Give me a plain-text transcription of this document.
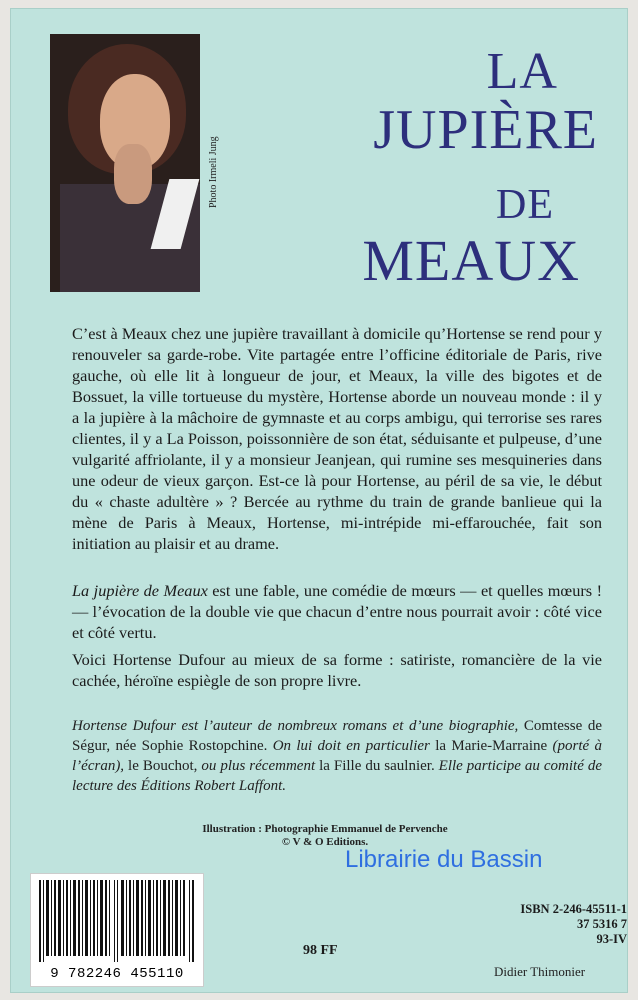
Photo Irmeli Jung
LA
JUPIÈRE
DE
MEAUX
C’est à Meaux chez une jupière travaillant à domicile qu’Hortense se rend pour y renouveler sa garde-robe. Vite partagée entre l’officine éditoriale de Paris, rive gauche, où elle lit à longueur de jour, et Meaux, la ville des bigotes et de Bossuet, la ville tortueuse du mystère, Hortense aborde un nouveau monde : il y a la jupière à la mâchoire de gymnaste et au corps ambigu, qui terrorise ses rares clientes, il y a La Poisson, poissonnière de son état, séduisante et pulpeuse, d’une vulgarité affriolante, il y a monsieur Jeanjean, qui rumine ses mesquineries dans une odeur de vieux garçon. Est-ce là pour Hortense, au péril de sa vie, le début du « chaste adultère » ? Bercée au rythme du train de grande banlieue qui la mène de Paris à Meaux, Hortense, mi-intrépide mi-effarouchée, fait son initiation au plaisir et au drame.
La jupière de Meaux est une fable, une comédie de mœurs — et quelles mœurs ! — l’évocation de la double vie que chacun d’entre nous pourrait avoir : côté vice et côté vertu.
Voici Hortense Dufour au mieux de sa forme : satiriste, romancière de la vie cachée, héroïne espiègle de son propre livre.
Hortense Dufour est l’auteur de nombreux romans et d’une biographie, Comtesse de Ségur, née Sophie Rostopchine. On lui doit en particulier la Marie-Marraine (porté à l’écran), le Bouchot, ou plus récemment la Fille du saulnier. Elle participe au comité de lecture des Éditions Robert Laffont.
Illustration : Photographie Emmanuel de Pervenche
© V & O Editions.
Librairie du Bassin
9 782246 455110
98 FF
ISBN 2-246-45511-1
37 5316 7
93-IV
Didier Thimonier
